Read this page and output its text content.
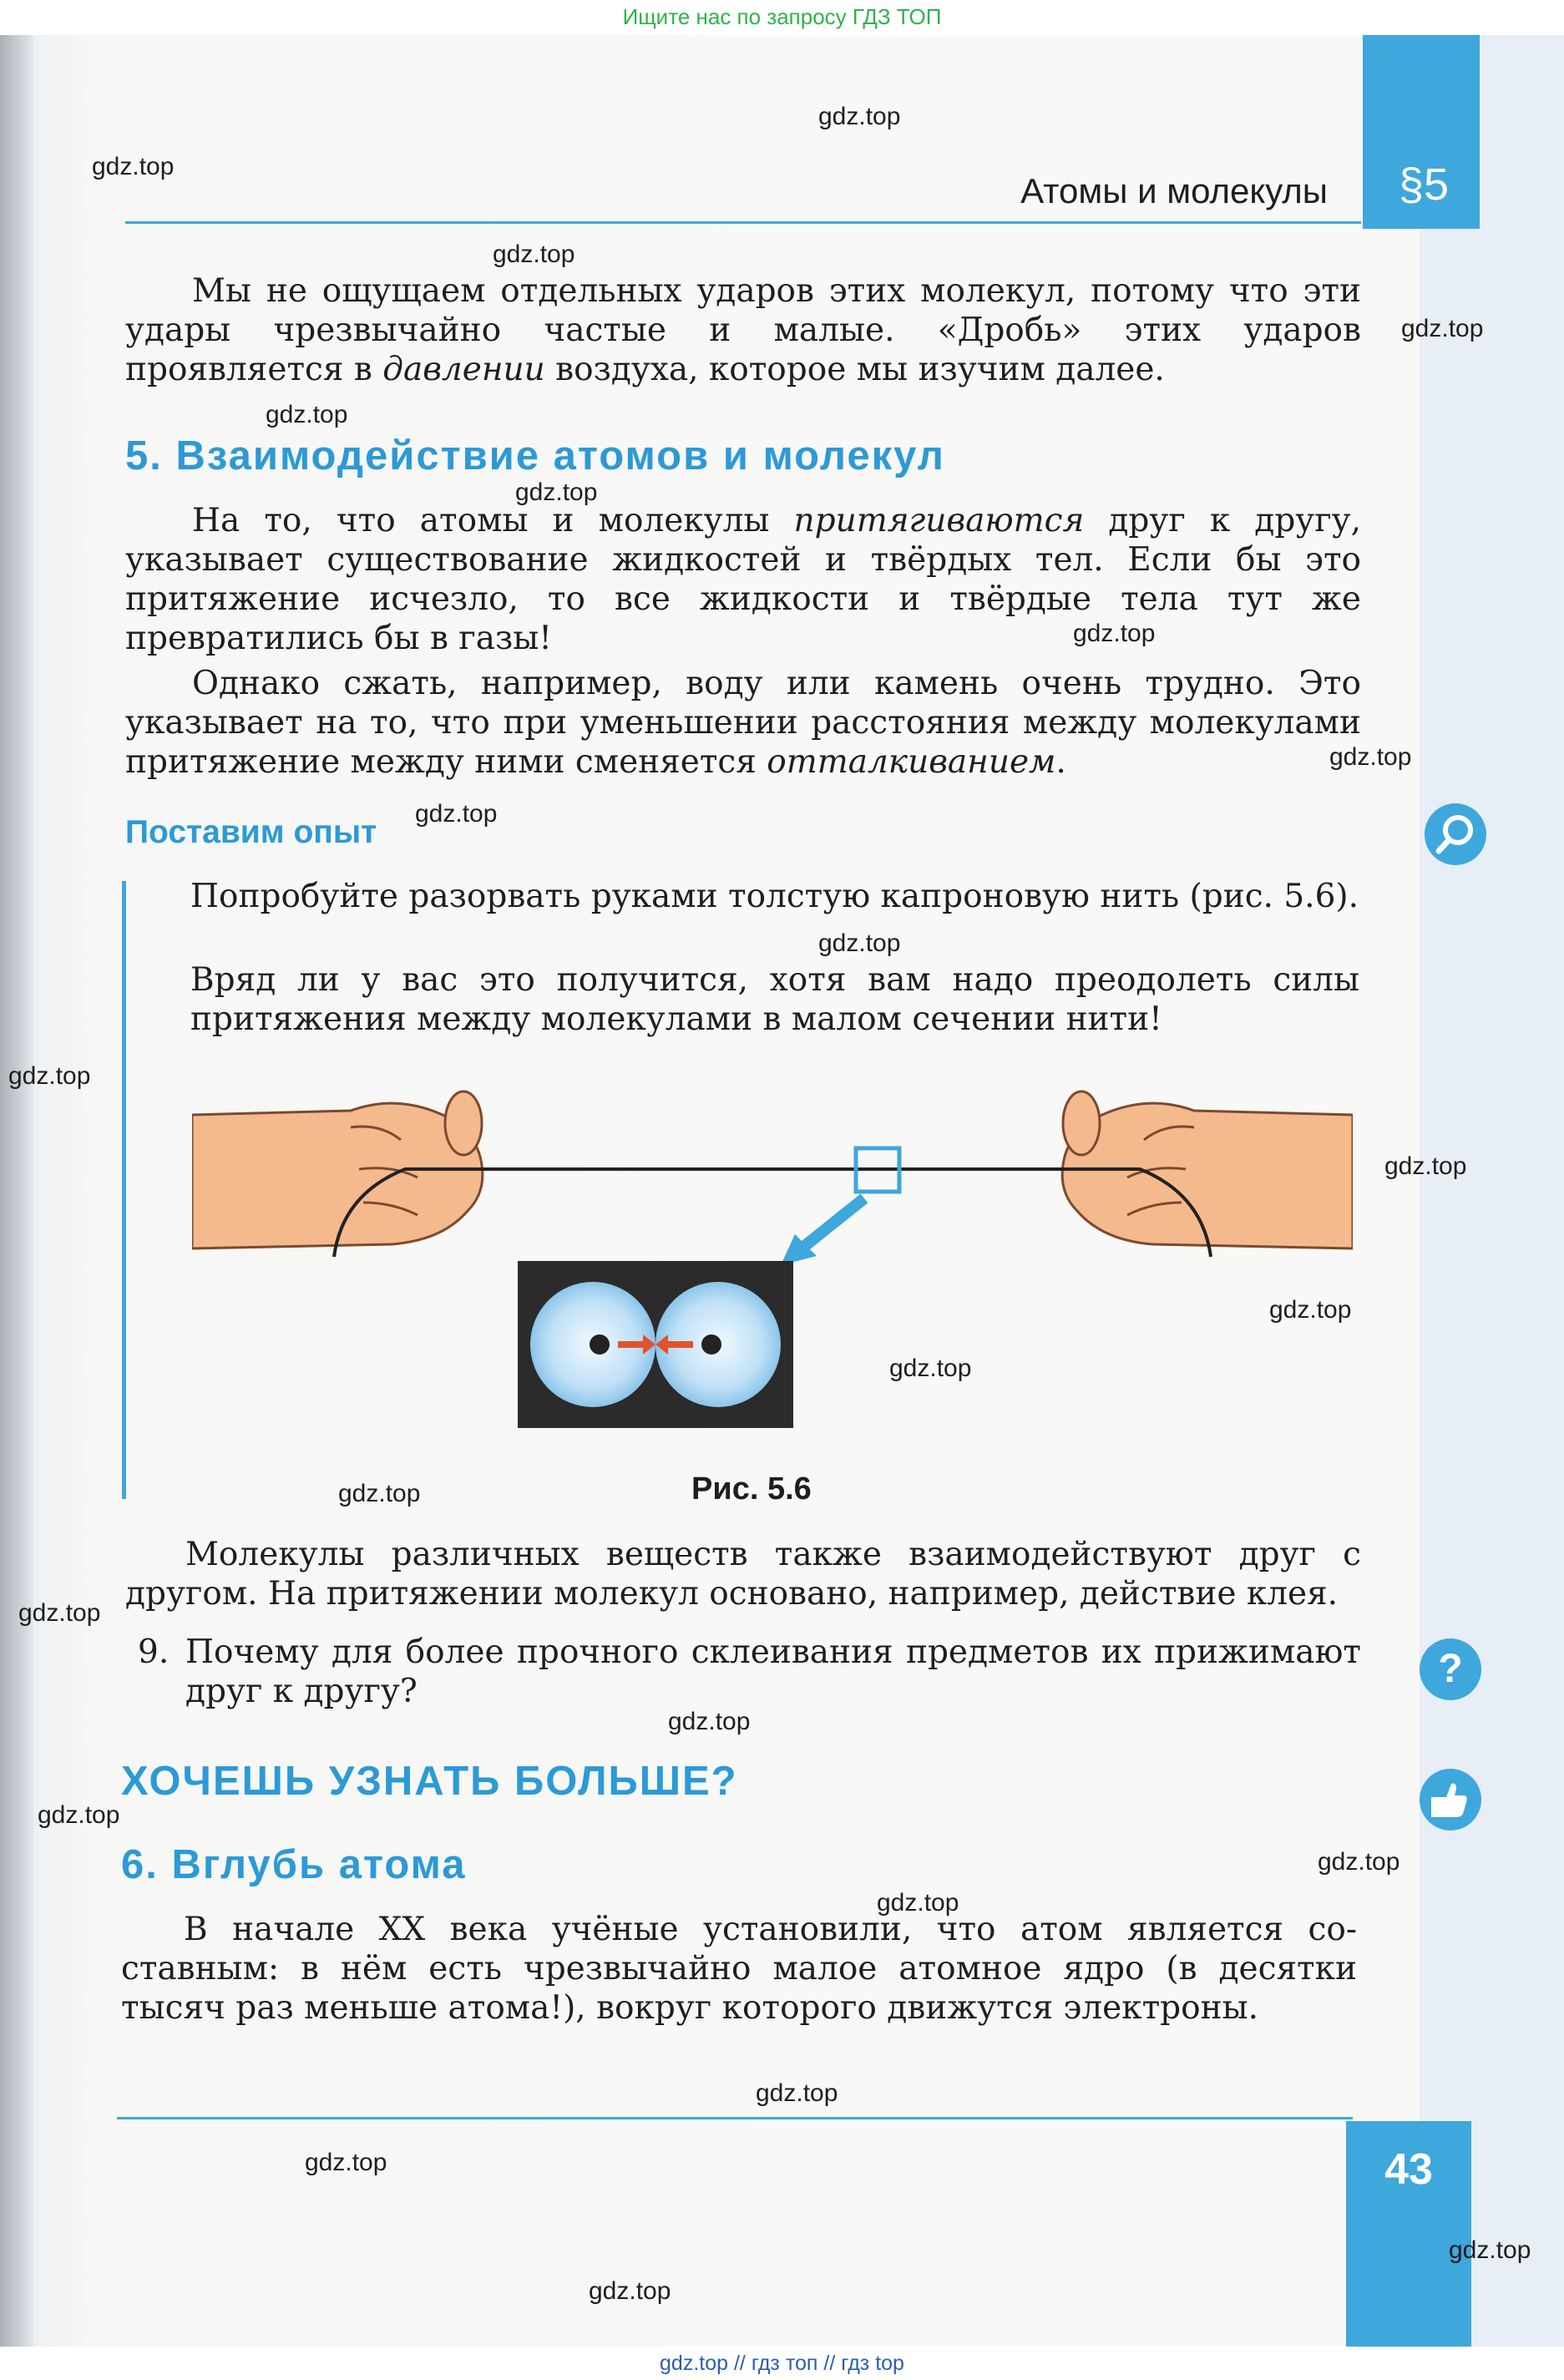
Ищите нас по запросу ГДЗ ТОП
§5
Атомы и молекулы
Мы не ощущаем отдельных ударов этих молекул, потому что эти удары чрезвычайно частые и малые. «Дробь» этих ударов проявляется в давлении воздуха, которое мы изучим далее.
5. Взаимодействие атомов и молекул
На то, что атомы и молекулы притягиваются друг к другу, указывает существование жидкостей и твёрдых тел. Если бы это притяжение исчезло, то все жидкости и твёрдые тела тут же превратились бы в газы!
Однако сжать, например, воду или камень очень трудно. Это указывает на то, что при уменьшении расстояния между молекулами притяжение между ними сменяется отталкиванием.
Поставим опыт
Попробуйте разорвать руками толстую капроновую нить (рис. 5.6).
Вряд ли у вас это получится, хотя вам надо преодолеть силы притяжения между молекулами в малом сечении нити!
Рис. 5.6
Молекулы различных веществ также взаимодействуют друг с другом. На притяжении молекул основано, например, действие клея.
9. Почему для более прочного склеивания предметов их прижимают друг к другу?
?
ХОЧЕШЬ УЗНАТЬ БОЛЬШЕ?
6. Вглубь атома
В начале XX века учёные установили, что атом является составным: в нём есть чрезвычайно малое атомное ядро (в десятки тысяч раз меньше атома!), вокруг которого движутся электроны.
43
gdz.top
gdz.top
gdz.top
gdz.top
gdz.top
gdz.top
gdz.top
gdz.top
gdz.top
gdz.top
gdz.top
gdz.top
gdz.top
gdz.top
gdz.top
gdz.top
gdz.top
gdz.top
gdz.top
gdz.top
gdz.top
gdz.top
gdz.top
gdz.top
gdz.top // гдз топ // гдз top
